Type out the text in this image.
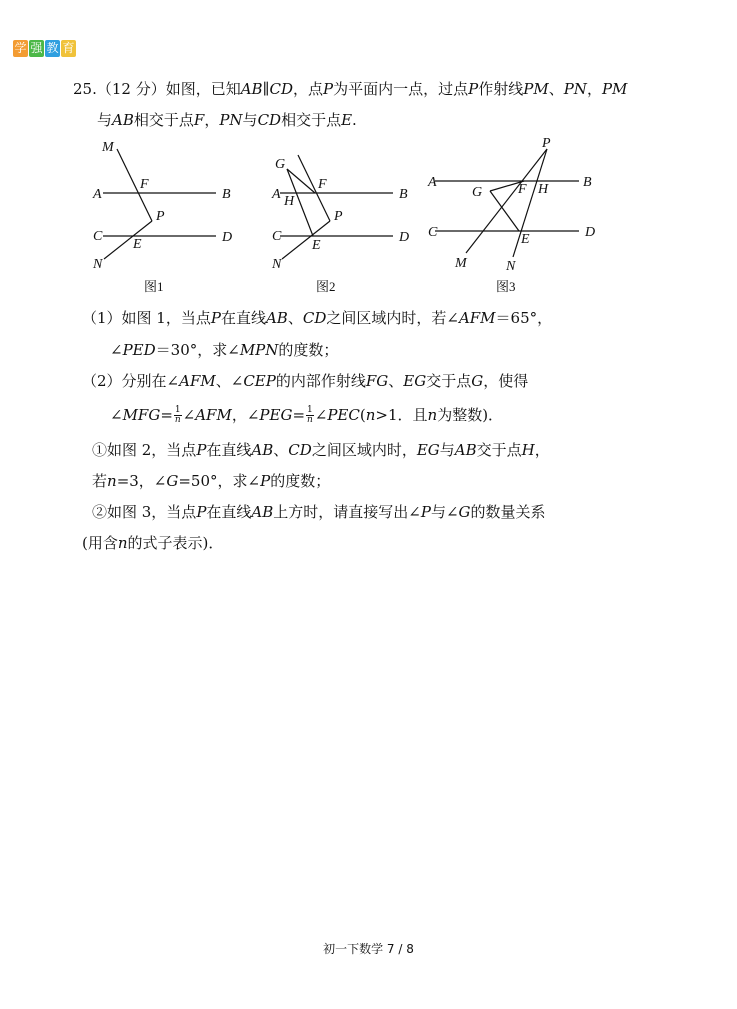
学 强 教 育
25.（12 分）如图，已知AB∥CD，点P为平面内一点，过点P作射线PM、PN，PM
与AB相交于点F，PN与CD相交于点E.
M
A	B
F
P
C	D
E
N
图1
G
A H	B
F
P
C	D
E
N
图2
P
A	B
G	F H
C	D
E
M	N
图3
（1）如图 1，当点P在直线AB、CD之间区域内时，若∠AFM＝65°，
∠PED＝30°，求∠MPN的度数；
（2）分别在∠AFM、∠CEP的内部作射线FG、EG交于点G，使得
∠MFG= $\frac{1}{n}$ ∠AFM，∠PEG= $\frac{1}{n}$ ∠PEC(n>1．且n为整数)．
①如图 2，当点P在直线AB、CD之间区域内时，EG与AB交于点H，
若n=3，∠G=50°，求∠P的度数；
②如图 3，当点P在直线AB上方时，请直接写出∠P与∠G的数量关系
(用含n的式子表示)．
初一下数学 7 / 8
